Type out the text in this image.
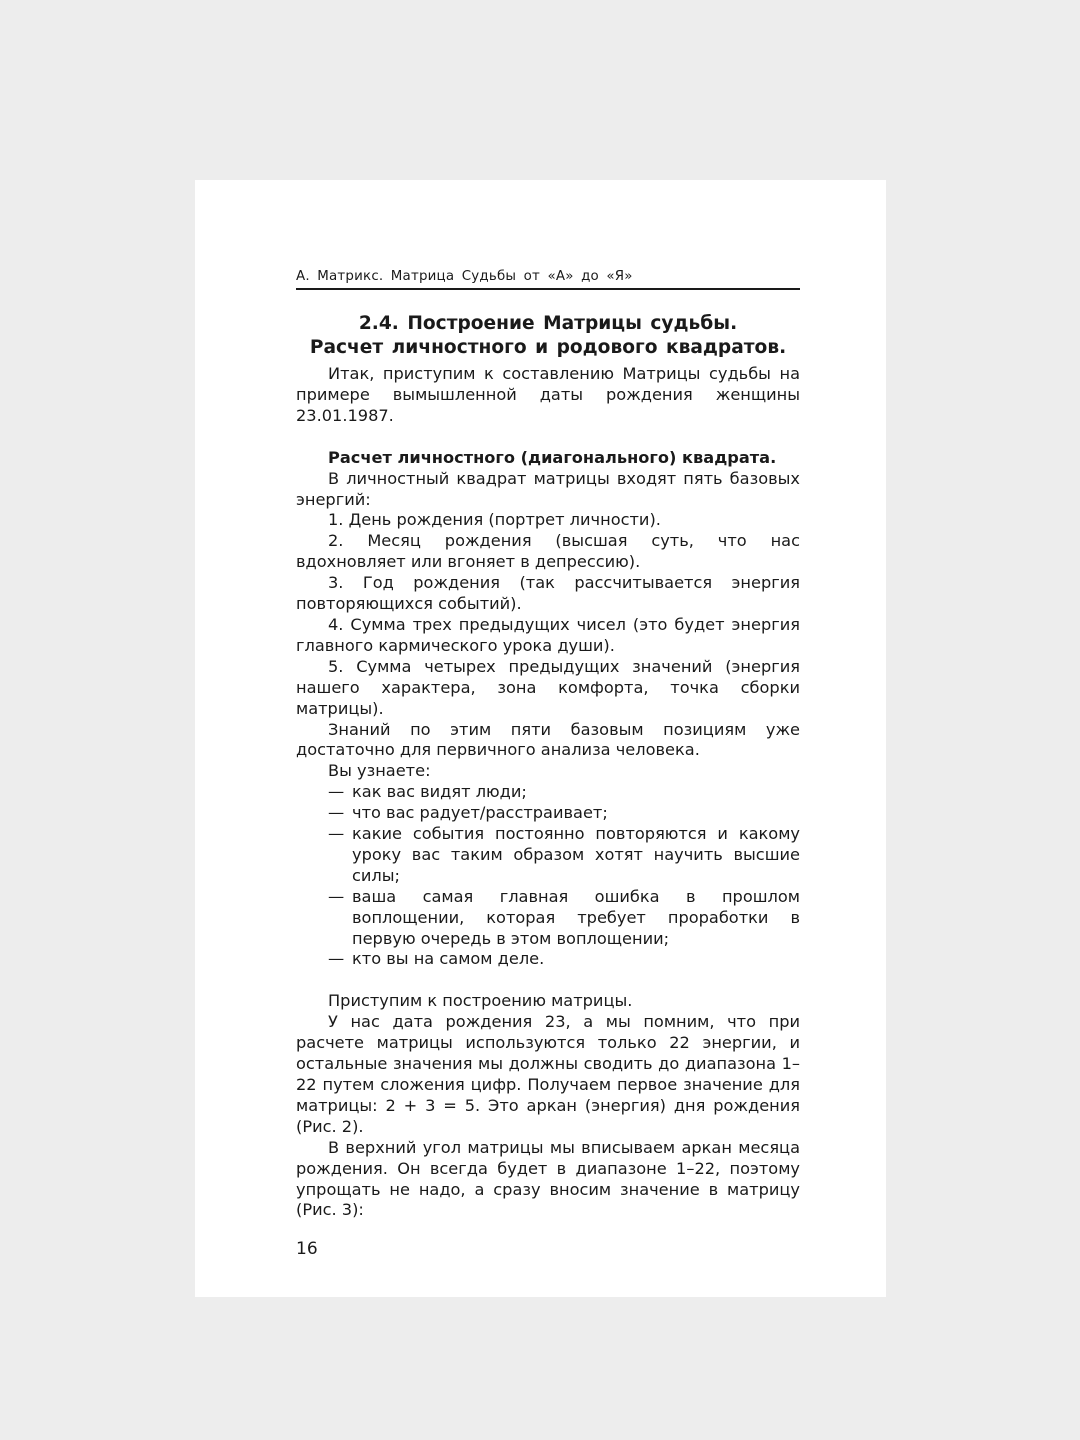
А. Матрикс. Матрица Судьбы от «А» до «Я»
2.4. Построение Матрицы судьбы.
Расчет личностного и родового квадратов.

Итак, приступим к составлению Матрицы судьбы на примере вымышленной даты рождения женщины 23.01.1987.

Расчет личностного (диагонального) квадрата.

В личностный квадрат матрицы входят пять базовых энергий:

1. День рождения (портрет личности).

2. Месяц рождения (высшая суть, что нас вдохновляет или вгоняет в депрессию).

3. Год рождения (так рассчитывается энергия повторяющихся событий).

4. Сумма трех предыдущих чисел (это будет энергия главного кармического урока души).

5. Сумма четырех предыдущих значений (энергия нашего характера, зона комфорта, точка сборки матрицы).

Знаний по этим пяти базовым позициям уже достаточно для первичного анализа человека.

Вы узнаете:

— как вас видят люди;
— что вас радует/расстраивает;
— какие события постоянно повторяются и какому уроку вас таким образом хотят научить высшие силы;
— ваша самая главная ошибка в прошлом воплощении, которая требует проработки в первую очередь в этом воплощении;
— кто вы на самом деле.

Приступим к построению матрицы.

У нас дата рождения 23, а мы помним, что при расчете матрицы используются только 22 энергии, и остальные значения мы должны сводить до диапазона 1–22 путем сложения цифр. Получаем первое значение для матрицы: 2 + 3 = 5. Это аркан (энергия) дня рождения (Рис. 2).

В верхний угол матрицы мы вписываем аркан месяца рождения. Он всегда будет в диапазоне 1–22, поэтому упрощать не надо, а сразу вносим значение в матрицу (Рис. 3):

16
